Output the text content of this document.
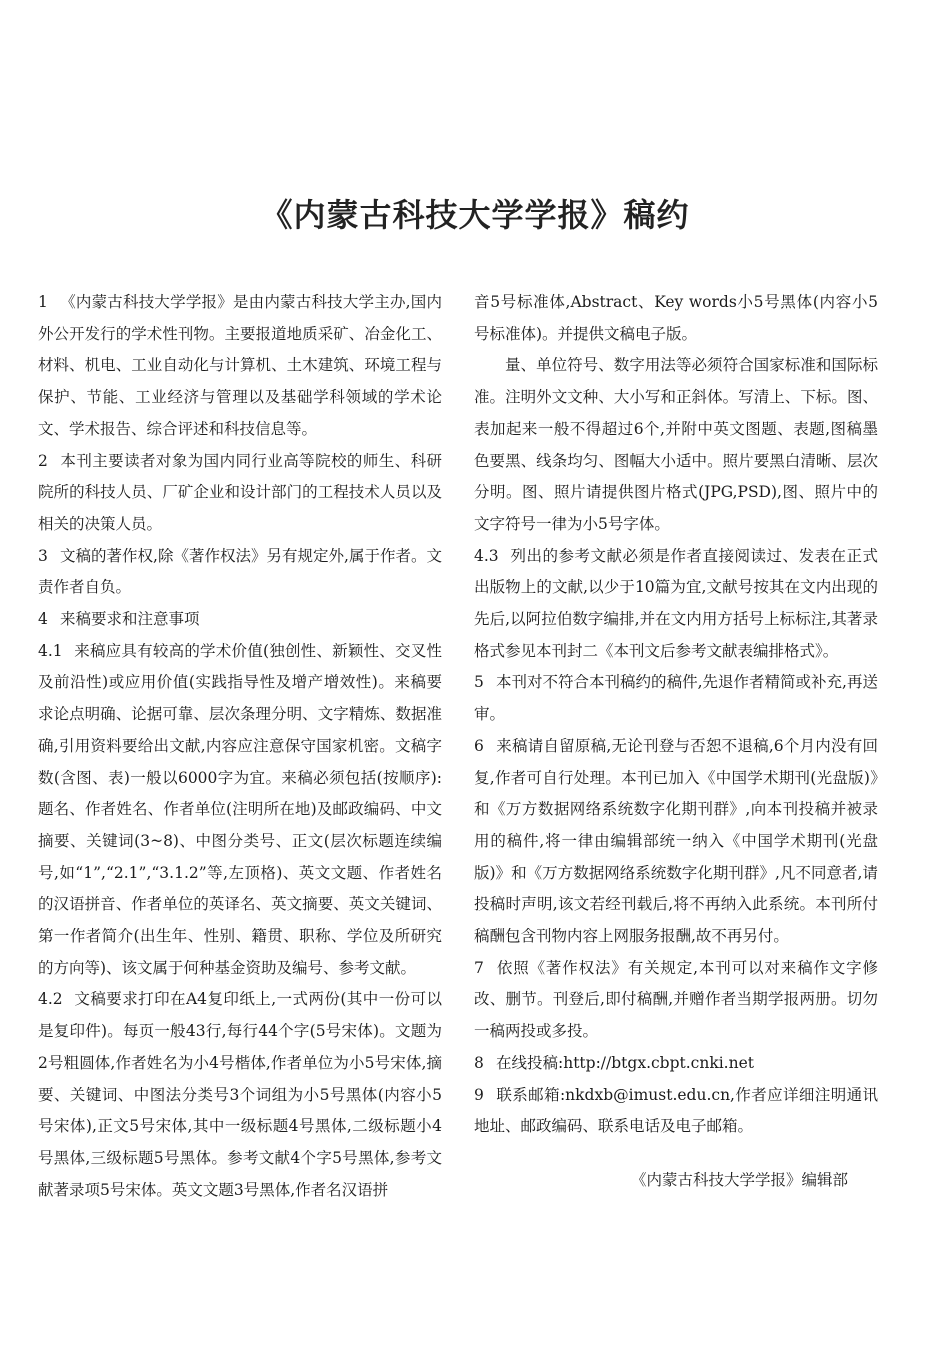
《内蒙古科技大学学报》稿约

1 《内蒙古科技大学学报》是由内蒙古科技大学主办,国内外公开发行的学术性刊物。主要报道地质采矿、冶金化工、材料、机电、工业自动化与计算机、土木建筑、环境工程与保护、节能、工业经济与管理以及基础学科领域的学术论文、学术报告、综合评述和科技信息等。

2 本刊主要读者对象为国内同行业高等院校的师生、科研院所的科技人员、厂矿企业和设计部门的工程技术人员以及相关的决策人员。

3 文稿的著作权,除《著作权法》另有规定外,属于作者。文责作者自负。

4 来稿要求和注意事项

4.1 来稿应具有较高的学术价值(独创性、新颖性、交叉性及前沿性)或应用价值(实践指导性及增产增效性)。来稿要求论点明确、论据可靠、层次条理分明、文字精炼、数据准确,引用资料要给出文献,内容应注意保守国家机密。文稿字数(含图、表)一般以6000字为宜。来稿必须包括(按顺序):题名、作者姓名、作者单位(注明所在地)及邮政编码、中文摘要、关键词(3~8)、中图分类号、正文(层次标题连续编号,如“1”,“2.1”,“3.1.2”等,左顶格)、英文文题、作者姓名的汉语拼音、作者单位的英译名、英文摘要、英文关键词、第一作者简介(出生年、性别、籍贯、职称、学位及所研究的方向等)、该文属于何种基金资助及编号、参考文献。

4.2 文稿要求打印在A4复印纸上,一式两份(其中一份可以是复印件)。每页一般43行,每行44个字(5号宋体)。文题为2号粗圆体,作者姓名为小4号楷体,作者单位为小5号宋体,摘要、关键词、中图法分类号3个词组为小5号黑体(内容小5号宋体),正文5号宋体,其中一级标题4号黑体,二级标题小4号黑体,三级标题5号黑体。参考文献4个字5号黑体,参考文献著录项5号宋体。英文文题3号黑体,作者名汉语拼

音5号标准体,Abstract、Key words小5号黑体(内容小5号标准体)。并提供文稿电子版。

量、单位符号、数字用法等必须符合国家标准和国际标准。注明外文文种、大小写和正斜体。写清上、下标。图、表加起来一般不得超过6个,并附中英文图题、表题,图稿墨色要黑、线条均匀、图幅大小适中。照片要黑白清晰、层次分明。图、照片请提供图片格式(JPG,PSD),图、照片中的文字符号一律为小5号字体。

4.3 列出的参考文献必须是作者直接阅读过、发表在正式出版物上的文献,以少于10篇为宜,文献号按其在文内出现的先后,以阿拉伯数字编排,并在文内用方括号上标标注,其著录格式参见本刊封二《本刊文后参考文献表编排格式》。

5 本刊对不符合本刊稿约的稿件,先退作者精简或补充,再送审。

6 来稿请自留原稿,无论刊登与否恕不退稿,6个月内没有回复,作者可自行处理。本刊已加入《中国学术期刊(光盘版)》和《万方数据网络系统数字化期刊群》,向本刊投稿并被录用的稿件,将一律由编辑部统一纳入《中国学术期刊(光盘版)》和《万方数据网络系统数字化期刊群》,凡不同意者,请投稿时声明,该文若经刊载后,将不再纳入此系统。本刊所付稿酬包含刊物内容上网服务报酬,故不再另付。

7 依照《著作权法》有关规定,本刊可以对来稿作文字修改、删节。刊登后,即付稿酬,并赠作者当期学报两册。切勿一稿两投或多投。

8 在线投稿:http://btgx.cbpt.cnki.net

9 联系邮箱:nkdxb@imust.edu.cn,作者应详细注明通讯地址、邮政编码、联系电话及电子邮箱。

《内蒙古科技大学学报》编辑部
